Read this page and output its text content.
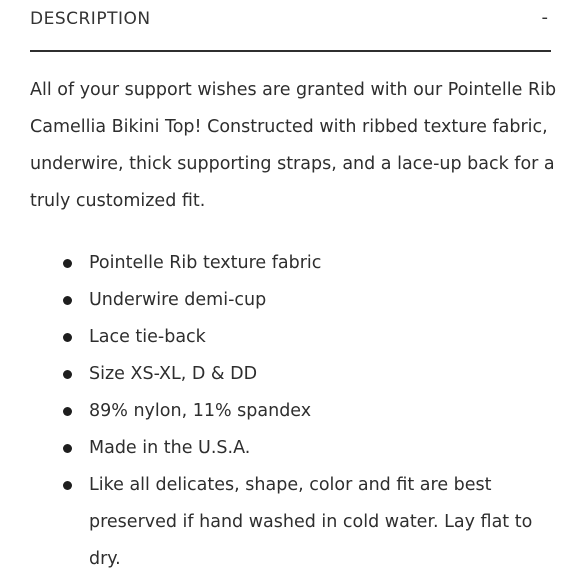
DESCRIPTION	-

All of your support wishes are granted with our Pointelle Rib Camellia Bikini Top! Constructed with ribbed texture fabric, underwire, thick supporting straps, and a lace-up back for a truly customized fit.

Pointelle Rib texture fabric
Underwire demi-cup
Lace tie-back
Size XS-XL, D & DD
89% nylon, 11% spandex
Made in the U.S.A.
Like all delicates, shape, color and fit are best preserved if hand washed in cold water. Lay flat to dry.
